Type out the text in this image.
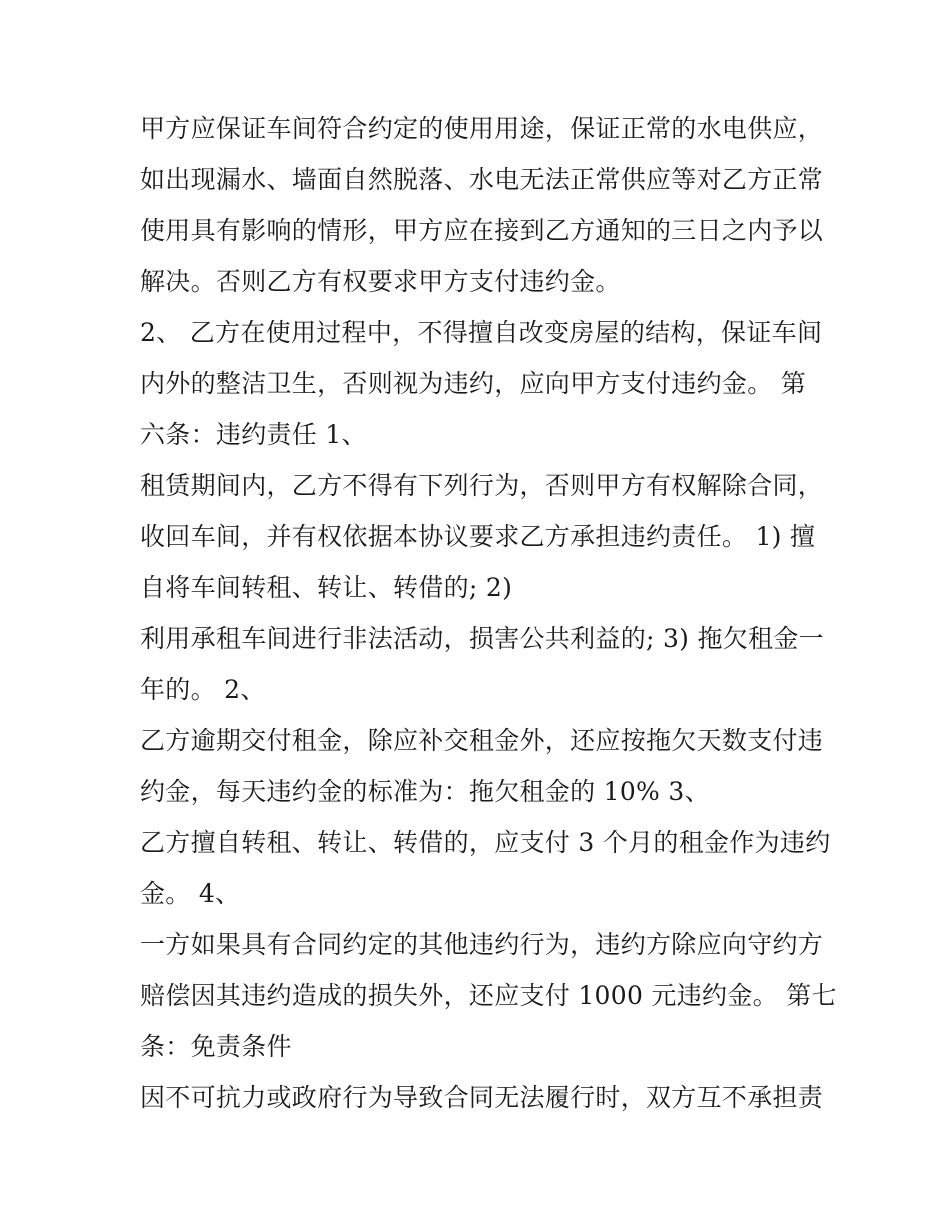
甲方应保证车间符合约定的使用用途，保证正常的水电供应，
如出现漏水、墙面自然脱落、水电无法正常供应等对乙方正常
使用具有影响的情形，甲方应在接到乙方通知的三日之内予以
解决。否则乙方有权要求甲方支付违约金。
2、 乙方在使用过程中，不得擅自改变房屋的结构，保证车间
内外的整洁卫生，否则视为违约，应向甲方支付违约金。 第
六条：违约责任 1、
租赁期间内，乙方不得有下列行为，否则甲方有权解除合同，
收回车间，并有权依据本协议要求乙方承担违约责任。 1) 擅
自将车间转租、转让、转借的; 2)
利用承租车间进行非法活动，损害公共利益的; 3) 拖欠租金一
年的。 2、
乙方逾期交付租金，除应补交租金外，还应按拖欠天数支付违
约金，每天违约金的标准为：拖欠租金的 10% 3、
乙方擅自转租、转让、转借的，应支付 3 个月的租金作为违约
金。 4、
一方如果具有合同约定的其他违约行为，违约方除应向守约方
赔偿因其违约造成的损失外，还应支付 1000 元违约金。 第七
条：免责条件
因不可抗力或政府行为导致合同无法履行时，双方互不承担责
